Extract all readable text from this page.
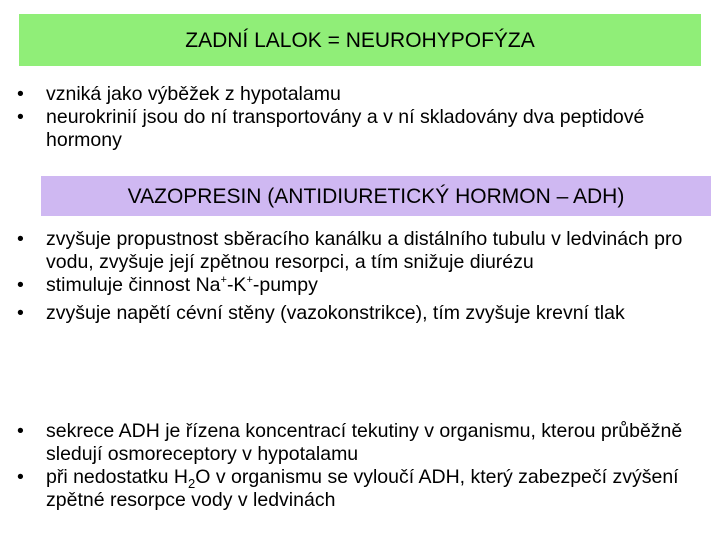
ZADNÍ LALOK = NEUROHYPOFÝZA
• vzniká jako výběžek z hypotalamu
• neurokrinií jsou do ní transportovány a v ní skladovány dva peptidové hormony
VAZOPRESIN (ANTIDIURETICKÝ HORMON – ADH)
• zvyšuje propustnost sběracího kanálku a distálního tubulu v ledvinách pro vodu, zvyšuje její zpětnou resorpci, a tím snižuje diurézu
• stimuluje činnost Na+-K+-pumpy
• zvyšuje napětí cévní stěny (vazokonstrikce), tím zvyšuje krevní tlak
• sekrece ADH je řízena koncentrací tekutiny v organismu, kterou průběžně sledují osmoreceptory v hypotalamu
• při nedostatku $H_2O$ v organismu se vyloučí ADH, který zabezpečí zvýšení zpětné resorpce vody v ledvinách
